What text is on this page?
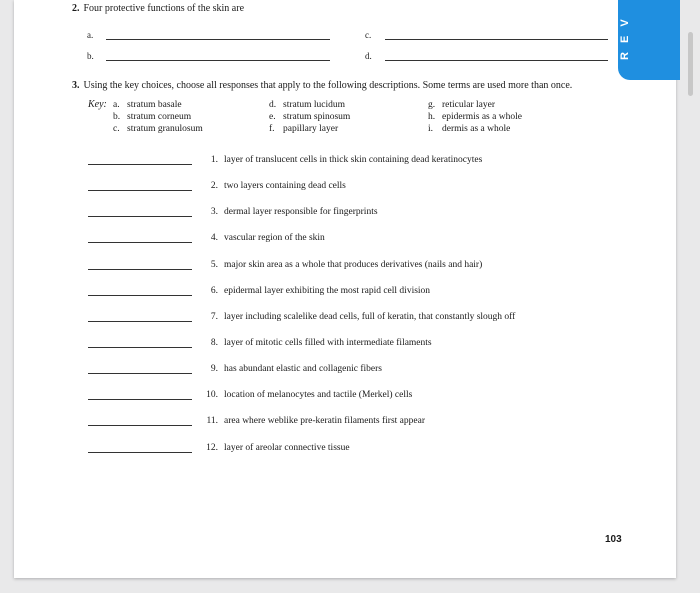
R E V
2. Four protective functions of the skin are
a.	c.
b.	d.
3. Using the key choices, choose all responses that apply to the following descriptions. Some terms are used more than once.
Key: a. stratum basale
b. stratum corneum
c. stratum granulosum
d. stratum lucidum
e. stratum spinosum
f. papillary layer
g. reticular layer
h. epidermis as a whole
i. dermis as a whole
1. layer of translucent cells in thick skin containing dead keratinocytes
2. two layers containing dead cells
3. dermal layer responsible for fingerprints
4. vascular region of the skin
5. major skin area as a whole that produces derivatives (nails and hair)
6. epidermal layer exhibiting the most rapid cell division
7. layer including scalelike dead cells, full of keratin, that constantly slough off
8. layer of mitotic cells filled with intermediate filaments
9. has abundant elastic and collagenic fibers
10. location of melanocytes and tactile (Merkel) cells
11. area where weblike pre-keratin filaments first appear
12. layer of areolar connective tissue
103
